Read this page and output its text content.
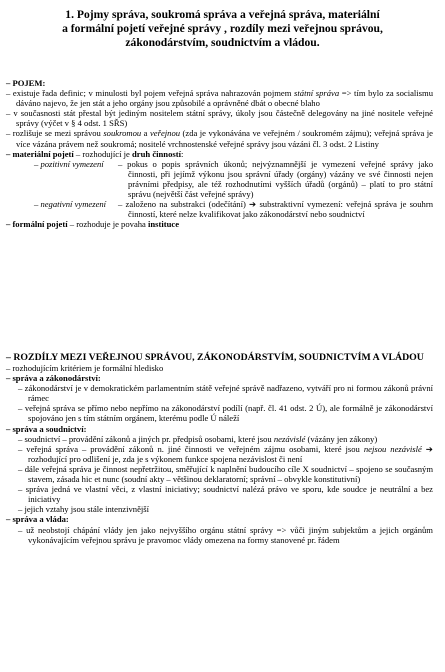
1. Pojmy správa, soukromá správa a veřejná správa, materiální
a formální pojetí veřejné správy , rozdíly mezi veřejnou správou,
zákonodárstvím, soudnictvím a vládou.
– POJEM:
– existuje řada definic; v minulosti byl pojem veřejná správa nahrazován pojmem státní správa => tím bylo za socialismu dáváno najevo, že jen stát a jeho orgány jsou způsobilé a oprávněné dbát o obecné blaho
– v současnosti stát přestal být jediným nositelem státní správy, úkoly jsou částečně delegovány na jiné nositele veřejné správy (výčet v § 4 odst. 1 SŘS)
– rozlišuje se mezi správou soukromou a veřejnou (zda je vykonávána ve veřejném / soukromém zájmu); veřejná správa je více vázána právem než soukromá; nositelé vrchnostenské veřejné správy jsou vázáni čl. 3 odst. 2 Listiny
– materiální pojetí – rozhodující je druh činností:
– pozitivní vymezení	– pokus o popis správních úkonů; nejvýznamnější je vymezení veřejné správy jako činnosti, při jejímž výkonu jsou správní úřady (orgány) vázány ve své činnosti nejen právními předpisy, ale též rozhodnutími vyšších úřadů (orgánů) – platí to pro státní správu (největší část veřejné správy)
– negativní vymezení	– založeno na substrakci (odečítání) ➔ substraktivní vymezení: veřejná správa je souhrn činností, které nelze kvalifikovat jako zákonodárství nebo soudnictví
– formální pojetí – rozhoduje je povaha instituce
– ROZDÍLY MEZI VEŘEJNOU SPRÁVOU, ZÁKONODÁRSTVÍM, SOUDNICTVÍM A VLÁDOU
– rozhodujícím kritériem je formální hledisko
– správa a zákonodárství:
– zákonodárství je v demokratickém parlamentním státě veřejné správě nadřazeno, vytváří pro ni formou zákonů právní rámec
– veřejná správa se přímo nebo nepřímo na zákonodárství podílí (např. čl. 41 odst. 2 Ú), ale formálně je zákonodárství spojováno jen s tím státním orgánem, kterému podle Ú náleží
– správa a soudnictví:
– soudnictví – provádění zákonů a jiných pr. předpisů osobami, které jsou nezávislé (vázány jen zákony)
– veřejná správa – provádění zákonů n. jiné činnosti ve veřejném zájmu osobami, které jsou nejsou nezávislé ➔ rozhodující pro odlišení je, zda je s výkonem funkce spojena nezávislost či není
– dále veřejná správa je činnost nepřetržitou, směřující k naplnění budoucího cíle X soudnictví – spojeno se současným stavem, zásada hic et nunc (soudní akty – většinou deklaratorní; správní – obvykle konstitutivní)
– správa jedná ve vlastní věci, z vlastní iniciativy; soudnictví nalézá právo ve sporu, kde soudce je neutrální a bez iniciativy
– jejich vztahy jsou stále intenzivnější
– správa a vláda:
– už neobstojí chápání vlády jen jako nejvyššího orgánu státní správy => vůči jiným subjektům a jejich orgánům vykonávajícím veřejnou správu je pravomoc vlády omezena na formy stanovené pr. řádem
